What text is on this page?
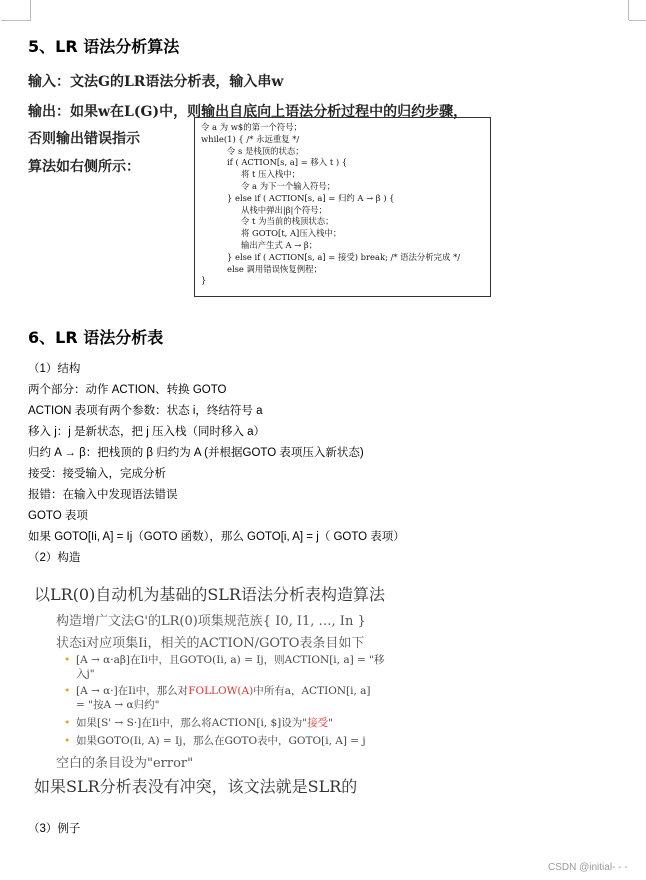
5、LR 语法分析算法
输入：文法G的LR语法分析表，输入串w
输出：如果w在L(G)中，则输出自底向上语法分析过程中的归约步骤，
否则输出错误指示
算法如右侧所示：
令 a 为 w$的第一个符号；
while(1) { /* 永远重复 */
令 s 是栈顶的状态；
if ( ACTION[s, a] = 移入 t ) {
将 t 压入栈中；
令 a 为下一个输入符号；
} else if ( ACTION[s, a] = 归约 A → β ) {
从栈中弹出|β|个符号；
令 t 为当前的栈顶状态；
将 GOTO[t, A]压入栈中；
输出产生式 A → β；
} else if ( ACTION[s, a] = 接受) break; /* 语法分析完成 */
else 调用错误恢复例程；
}
6、LR 语法分析表
（1）结构
两个部分：动作 ACTION、转换 GOTO
ACTION 表项有两个参数：状态 i，终结符号 a
移入 j：j 是新状态，把 j 压入栈（同时移入 a）
归约 A → β：把栈顶的 β 归约为 A (并根据GOTO 表项压入新状态)
接受：接受输入，完成分析
报错：在输入中发现语法错误
GOTO 表项
如果 GOTO[Ii, A] = Ij（GOTO 函数），那么 GOTO[i, A] = j（ GOTO 表项）
（2）构造
以LR(0)自动机为基础的SLR语法分析表构造算法
构造增广文法G'的LR(0)项集规范族{ I0, I1, …, In }
状态i对应项集Ii，相关的ACTION/GOTO表条目如下
• [A → α·aβ]在Ii中，且GOTO(Ii, a) = Ij，则ACTION[i, a] = "移
入j"
• [A → α·]在Ii中，那么对FOLLOW(A)中所有a，ACTION[i, a]
= "按A → α归约"
• 如果[S' → S·]在Ii中，那么将ACTION[i, $]设为"接受"
• 如果GOTO(Ii, A) = Ij，那么在GOTO表中，GOTO[i, A] = j
空白的条目设为"error"
如果SLR分析表没有冲突，该文法就是SLR的
（3）例子
CSDN @initial- - -
